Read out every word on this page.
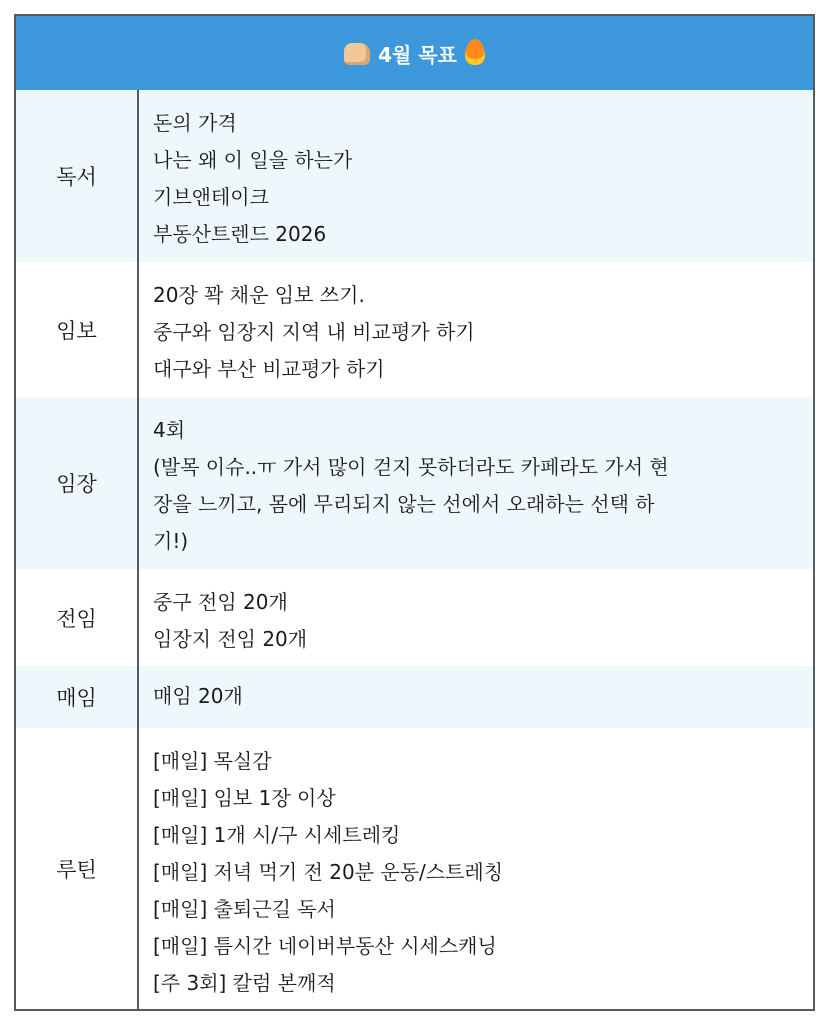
4월 목표
독서
돈의 가격
나는 왜 이 일을 하는가
기브앤테이크
부동산트렌드 2026
임보
20장 꽉 채운 임보 쓰기.
중구와 임장지 지역 내 비교평가 하기
대구와 부산 비교평가 하기
임장
4회
(발목 이슈..ㅠ 가서 많이 걷지 못하더라도 카페라도 가서 현
장을 느끼고, 몸에 무리되지 않는 선에서 오래하는 선택 하
기!)
전임
중구 전임 20개
임장지 전임 20개
매임	매임 20개
루틴
[매일] 목실감
[매일] 임보 1장 이상
[매일] 1개 시/구 시세트레킹
[매일] 저녁 먹기 전 20분 운동/스트레칭
[매일] 출퇴근길 독서
[매일] 틈시간 네이버부동산 시세스캐닝
[주 3회] 칼럼 본깨적
